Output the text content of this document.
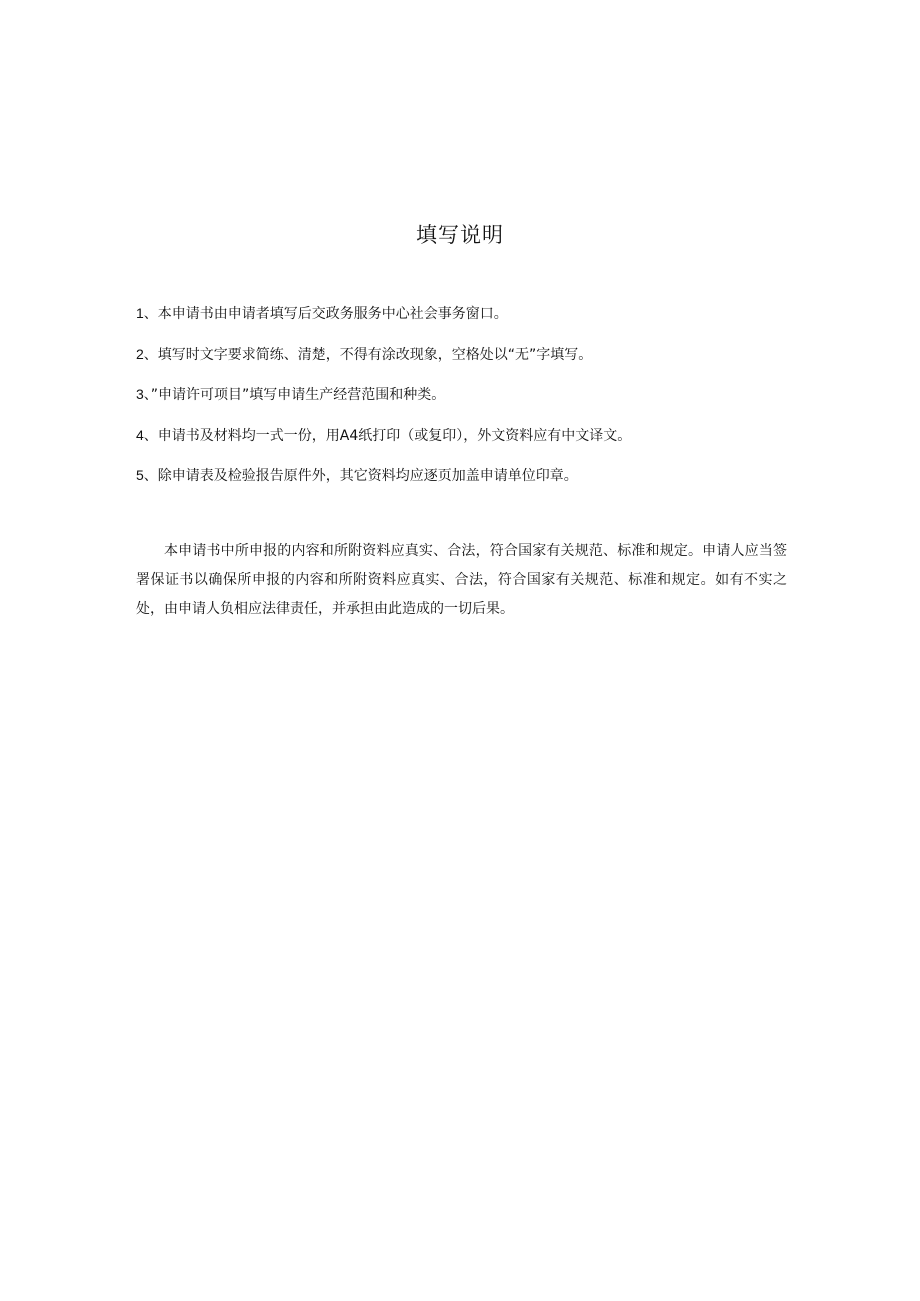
填写说明
1、本申请书由申请者填写后交政务服务中心社会事务窗口。
2、填写时文字要求简练、清楚，不得有涂改现象，空格处以“无”字填写。
3、”申请许可项目”填写申请生产经营范围和种类。
4、申请书及材料均一式一份，用A4纸打印（或复印），外文资料应有中文译文。
5、除申请表及检验报告原件外，其它资料均应逐页加盖申请单位印章。

本申请书中所申报的内容和所附资料应真实、合法，符合国家有关规范、标准和规定。申请人应当签署保证书以确保所申报的内容和所附资料应真实、合法，符合国家有关规范、标准和规定。如有不实之处，由申请人负相应法律责任，并承担由此造成的一切后果。
